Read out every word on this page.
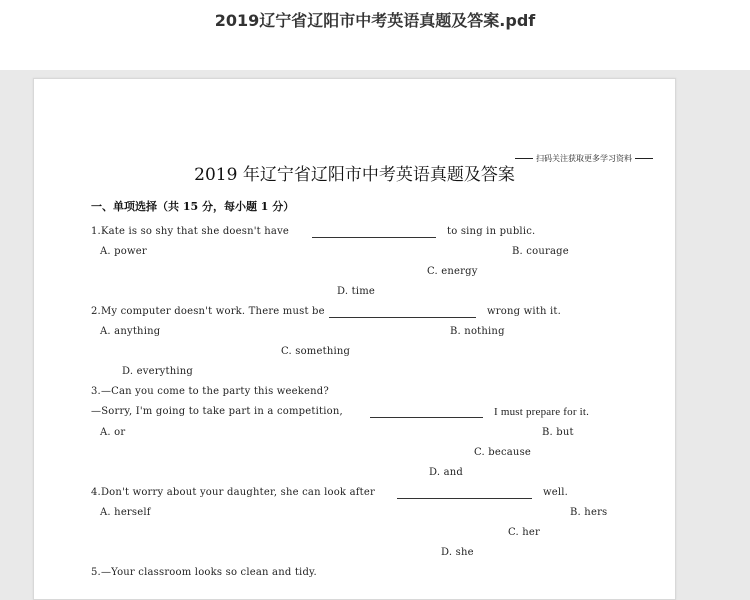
2019辽宁省辽阳市中考英语真题及答案.pdf
扫码关注获取更多学习资料
2019 年辽宁省辽阳市中考英语真题及答案
一、单项选择（共 15 分，每小题 1 分）
1.Kate is so shy that she doesn't have	to sing in public.
A. power	B. courage
C. energy
D. time
2.My computer doesn't work. There must be	wrong with it.
A. anything	B. nothing
C. something
D. everything
3.—Can you come to the party this weekend?
—Sorry, I'm going to take part in a competition,	I must prepare for it.
A. or	B. but
C. because
D. and
4.Don't worry about your daughter, she can look after	well.
A. herself	B. hers
C. her
D. she
5.—Your classroom looks so clean and tidy.
